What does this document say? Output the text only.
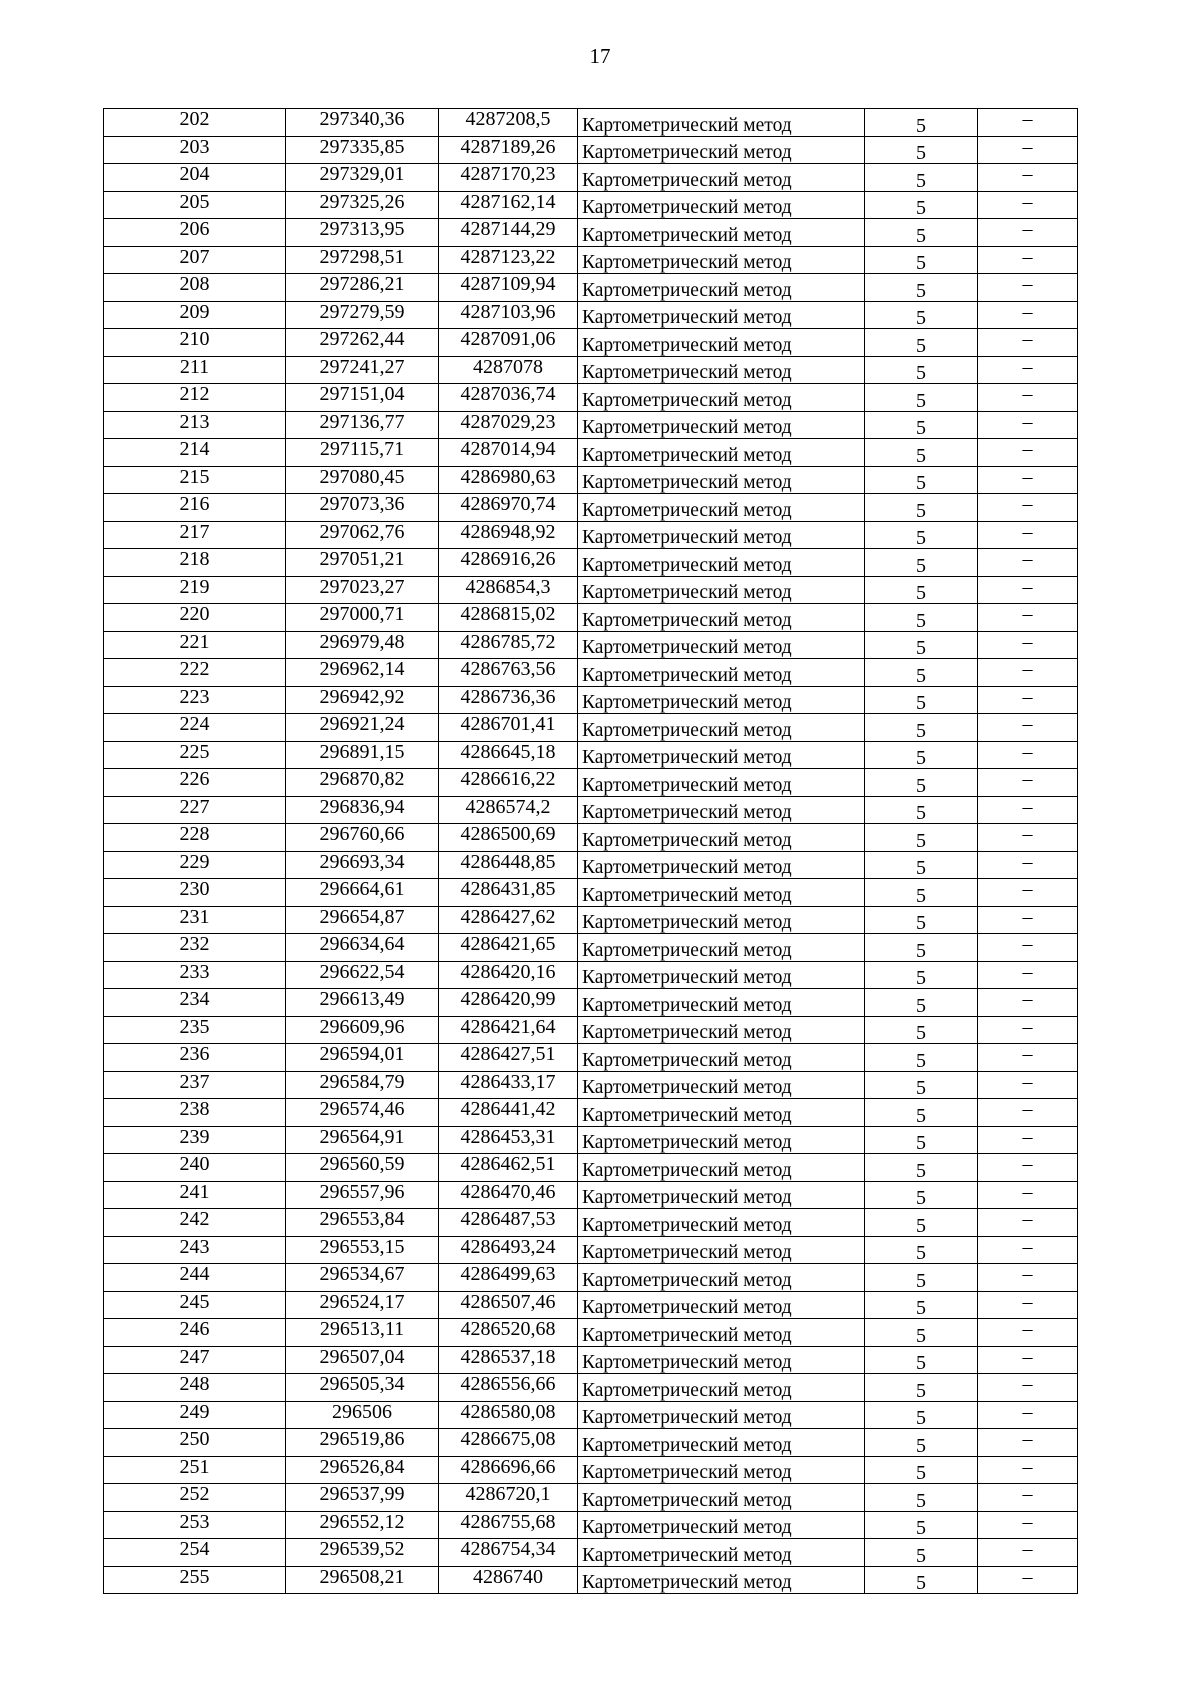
17
202	297340,36	4287208,5	Картометрический метод	5	–
203	297335,85	4287189,26	Картометрический метод	5	–
204	297329,01	4287170,23	Картометрический метод	5	–
205	297325,26	4287162,14	Картометрический метод	5	–
206	297313,95	4287144,29	Картометрический метод	5	–
207	297298,51	4287123,22	Картометрический метод	5	–
208	297286,21	4287109,94	Картометрический метод	5	–
209	297279,59	4287103,96	Картометрический метод	5	–
210	297262,44	4287091,06	Картометрический метод	5	–
211	297241,27	4287078	Картометрический метод	5	–
212	297151,04	4287036,74	Картометрический метод	5	–
213	297136,77	4287029,23	Картометрический метод	5	–
214	297115,71	4287014,94	Картометрический метод	5	–
215	297080,45	4286980,63	Картометрический метод	5	–
216	297073,36	4286970,74	Картометрический метод	5	–
217	297062,76	4286948,92	Картометрический метод	5	–
218	297051,21	4286916,26	Картометрический метод	5	–
219	297023,27	4286854,3	Картометрический метод	5	–
220	297000,71	4286815,02	Картометрический метод	5	–
221	296979,48	4286785,72	Картометрический метод	5	–
222	296962,14	4286763,56	Картометрический метод	5	–
223	296942,92	4286736,36	Картометрический метод	5	–
224	296921,24	4286701,41	Картометрический метод	5	–
225	296891,15	4286645,18	Картометрический метод	5	–
226	296870,82	4286616,22	Картометрический метод	5	–
227	296836,94	4286574,2	Картометрический метод	5	–
228	296760,66	4286500,69	Картометрический метод	5	–
229	296693,34	4286448,85	Картометрический метод	5	–
230	296664,61	4286431,85	Картометрический метод	5	–
231	296654,87	4286427,62	Картометрический метод	5	–
232	296634,64	4286421,65	Картометрический метод	5	–
233	296622,54	4286420,16	Картометрический метод	5	–
234	296613,49	4286420,99	Картометрический метод	5	–
235	296609,96	4286421,64	Картометрический метод	5	–
236	296594,01	4286427,51	Картометрический метод	5	–
237	296584,79	4286433,17	Картометрический метод	5	–
238	296574,46	4286441,42	Картометрический метод	5	–
239	296564,91	4286453,31	Картометрический метод	5	–
240	296560,59	4286462,51	Картометрический метод	5	–
241	296557,96	4286470,46	Картометрический метод	5	–
242	296553,84	4286487,53	Картометрический метод	5	–
243	296553,15	4286493,24	Картометрический метод	5	–
244	296534,67	4286499,63	Картометрический метод	5	–
245	296524,17	4286507,46	Картометрический метод	5	–
246	296513,11	4286520,68	Картометрический метод	5	–
247	296507,04	4286537,18	Картометрический метод	5	–
248	296505,34	4286556,66	Картометрический метод	5	–
249	296506	4286580,08	Картометрический метод	5	–
250	296519,86	4286675,08	Картометрический метод	5	–
251	296526,84	4286696,66	Картометрический метод	5	–
252	296537,99	4286720,1	Картометрический метод	5	–
253	296552,12	4286755,68	Картометрический метод	5	–
254	296539,52	4286754,34	Картометрический метод	5	–
255	296508,21	4286740	Картометрический метод	5	–
